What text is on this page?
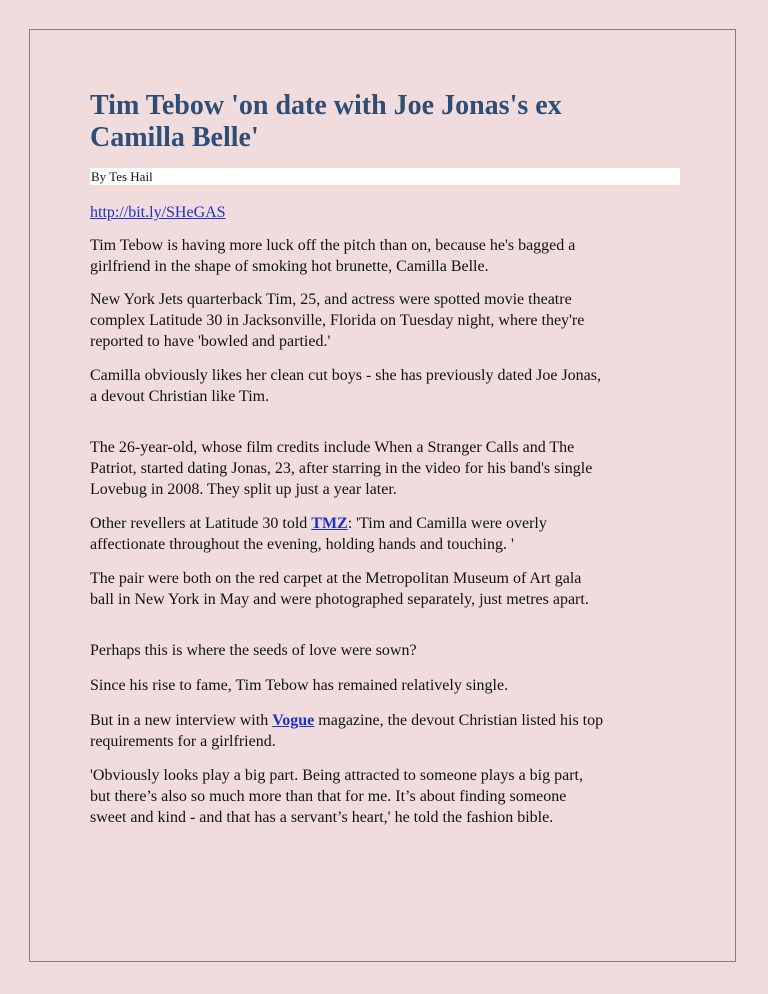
Tim Tebow 'on date with Joe Jonas's ex
Camilla Belle'
By Tes Hail
http://bit.ly/SHeGAS

Tim Tebow is having more luck off the pitch than on, because he's bagged a
girlfriend in the shape of smoking hot brunette, Camilla Belle.

New York Jets quarterback Tim, 25, and actress were spotted movie theatre
complex Latitude 30 in Jacksonville, Florida on Tuesday night, where they're
reported to have 'bowled and partied.'

Camilla obviously likes her clean cut boys - she has previously dated Joe Jonas,
a devout Christian like Tim.

The 26-year-old, whose film credits include When a Stranger Calls and The
Patriot, started dating Jonas, 23, after starring in the video for his band's single
Lovebug in 2008. They split up just a year later.

Other revellers at Latitude 30 told TMZ: 'Tim and Camilla were overly
affectionate throughout the evening, holding hands and touching. '

The pair were both on the red carpet at the Metropolitan Museum of Art gala
ball in New York in May and were photographed separately, just metres apart.

Perhaps this is where the seeds of love were sown?

Since his rise to fame, Tim Tebow has remained relatively single.

But in a new interview with Vogue magazine, the devout Christian listed his top
requirements for a girlfriend.

'Obviously looks play a big part. Being attracted to someone plays a big part,
but there’s also so much more than that for me. It’s about finding someone
sweet and kind - and that has a servant’s heart,' he told the fashion bible.
